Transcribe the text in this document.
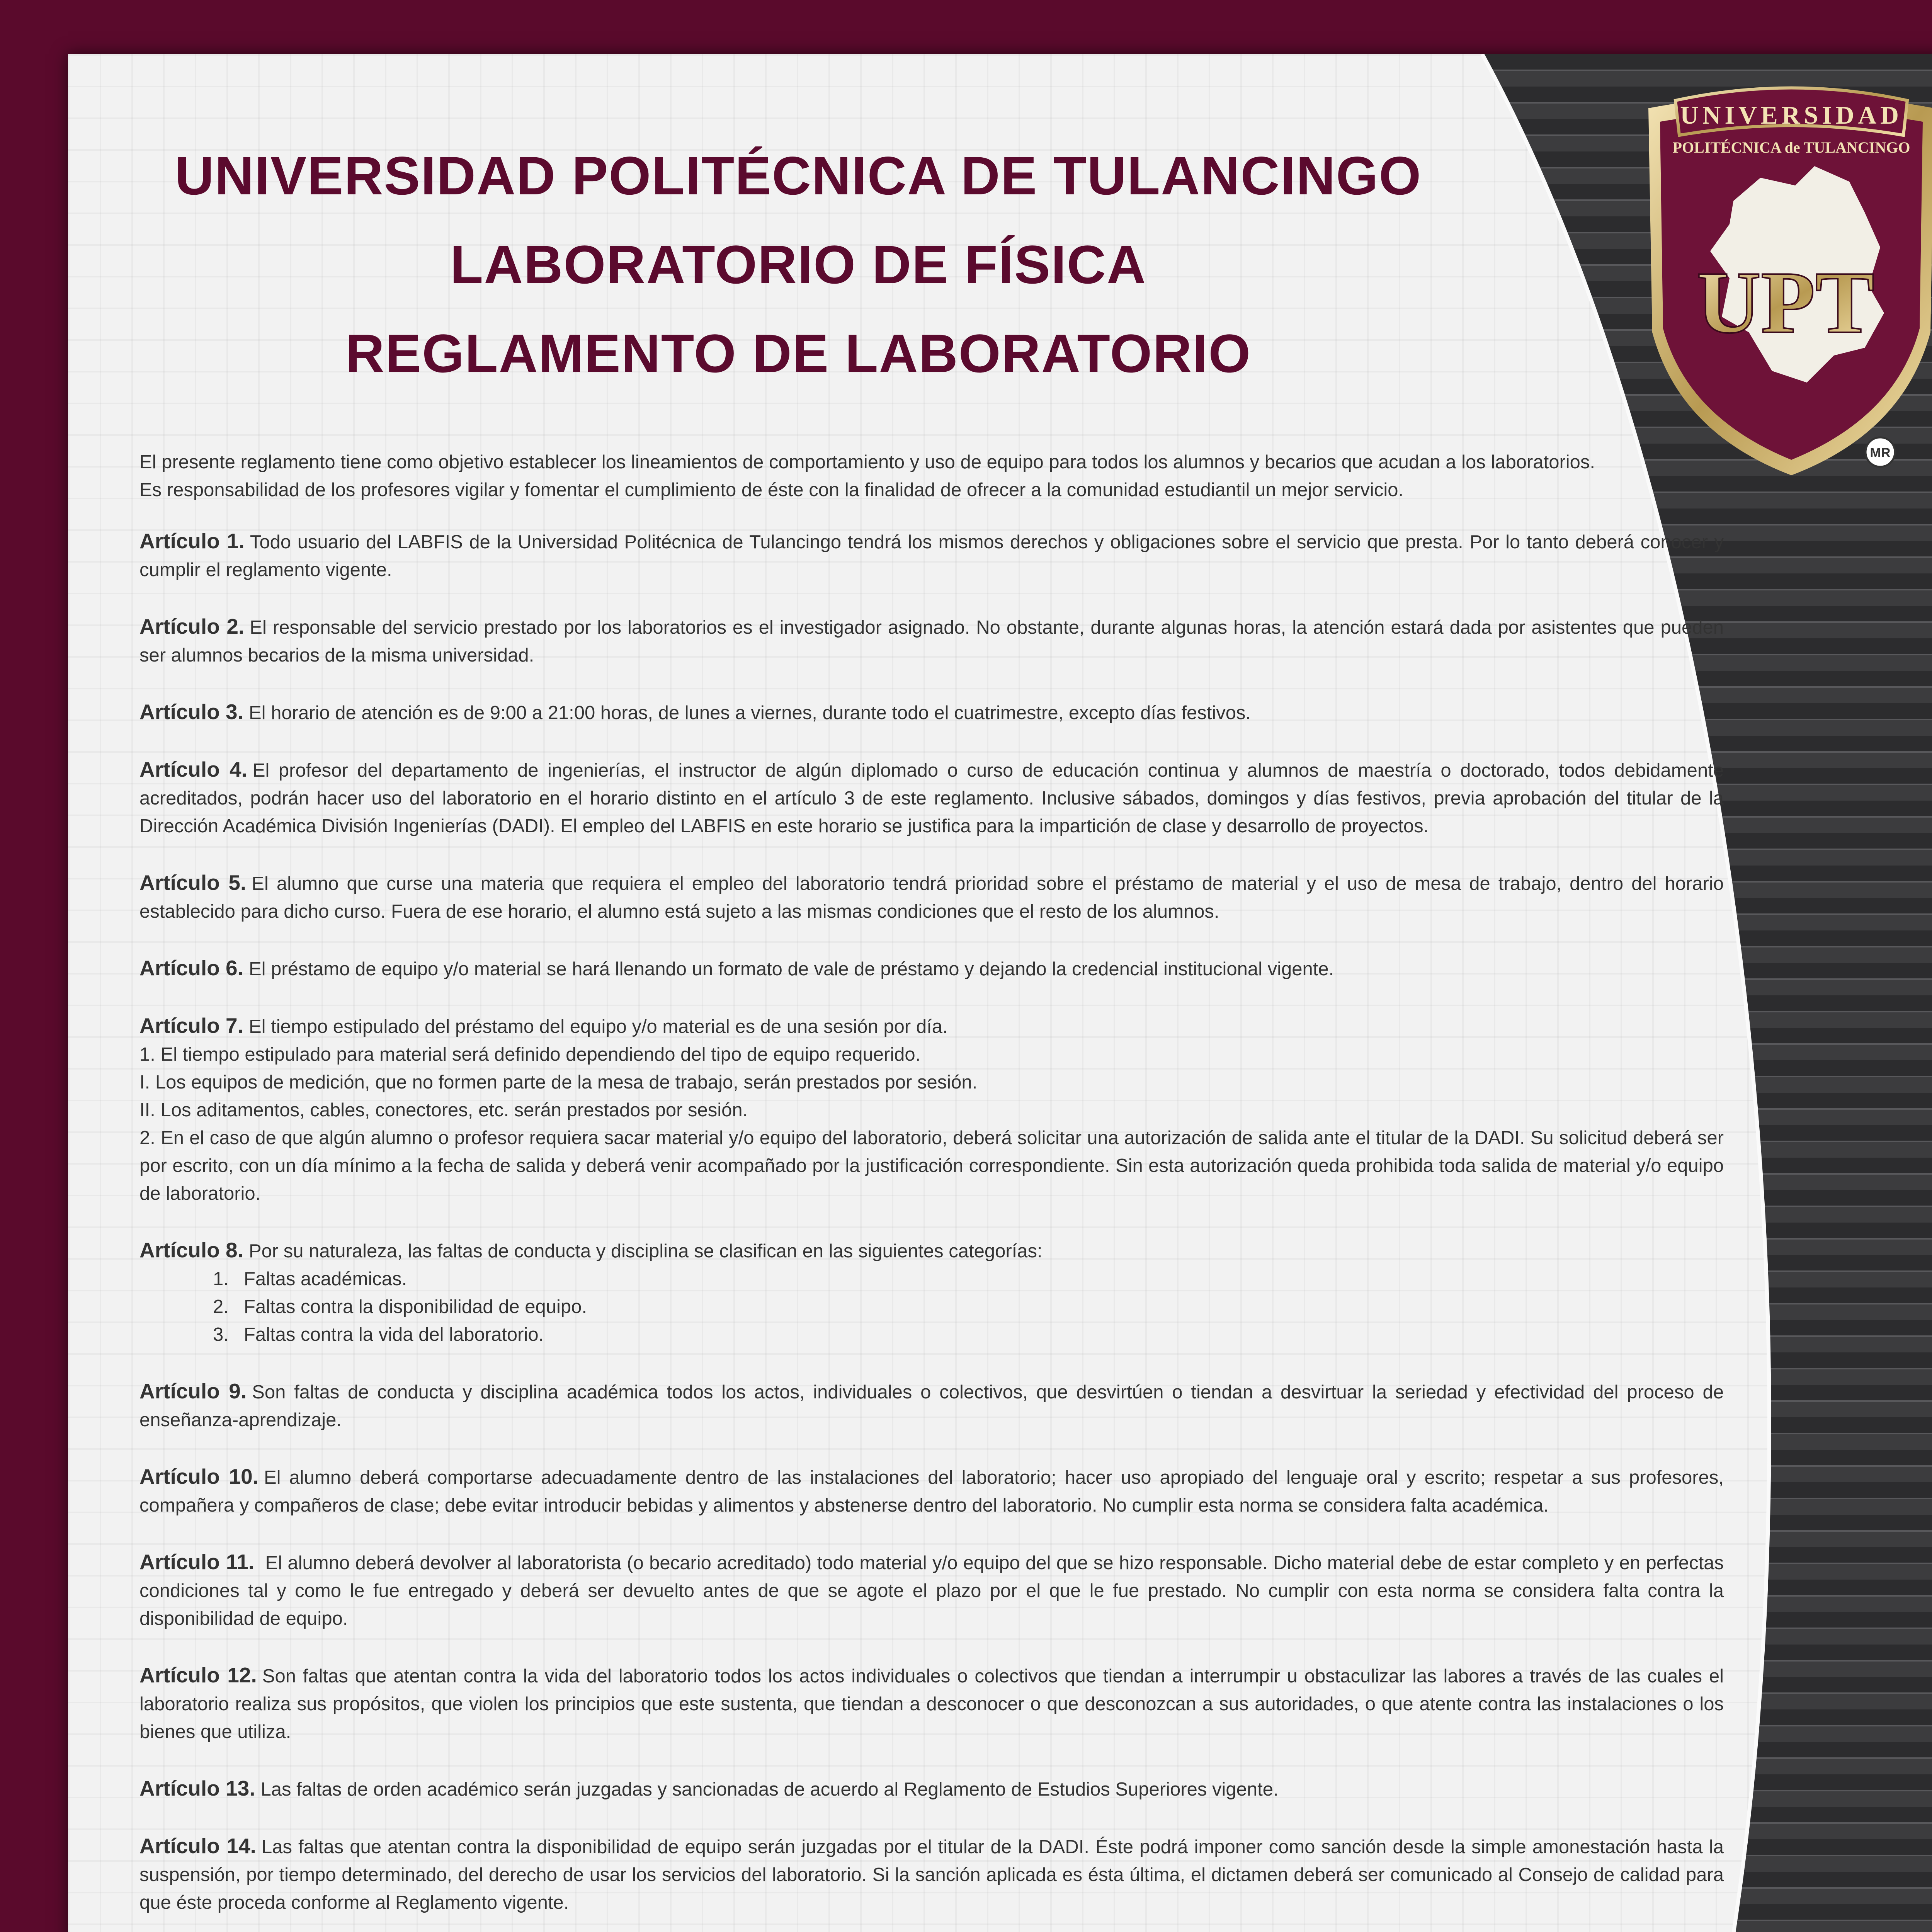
UNIVERSIDAD POLITÉCNICA DE TULANCINGO
LABORATORIO DE FÍSICA
REGLAMENTO DE LABORATORIO
UNIVERSIDAD
POLITÉCNICA de TULANCINGO
UPT
MR

El presente reglamento tiene como objetivo establecer los lineamientos de comportamiento y uso de equipo para todos los alumnos y becarios que acudan a los laboratorios.

Es responsabilidad de los profesores vigilar y fomentar el cumplimiento de éste con la finalidad de ofrecer a la comunidad estudiantil un mejor servicio.

Artículo 1. Todo usuario del LABFIS de la Universidad Politécnica de Tulancingo tendrá los mismos derechos y obligaciones sobre el servicio que presta. Por lo tanto deberá conocer y cumplir el reglamento vigente.

Artículo 2. El responsable del servicio prestado por los laboratorios es el investigador asignado. No obstante, durante algunas horas, la atención estará dada por asistentes que pueden ser alumnos becarios de la misma universidad.

Artículo 3. El horario de atención es de 9:00 a 21:00 horas, de lunes a viernes, durante todo el cuatrimestre, excepto días festivos.

Artículo 4. El profesor del departamento de ingenierías, el instructor de algún diplomado o curso de educación continua y alumnos de maestría o doctorado, todos debidamente acreditados, podrán hacer uso del laboratorio en el horario distinto en el artículo 3 de este reglamento. Inclusive sábados, domingos y días festivos, previa aprobación del titular de la Dirección Académica División Ingenierías (DADI). El empleo del LABFIS en este horario se justifica para la impartición de clase y desarrollo de proyectos.

Artículo 5. El alumno que curse una materia que requiera el empleo del laboratorio tendrá prioridad sobre el préstamo de material y el uso de mesa de trabajo, dentro del horario establecido para dicho curso. Fuera de ese horario, el alumno está sujeto a las mismas condiciones que el resto de los alumnos.

Artículo 6. El préstamo de equipo y/o material se hará llenando un formato de vale de préstamo y dejando la credencial institucional vigente.

Artículo 7. El tiempo estipulado del préstamo del equipo y/o material es de una sesión por día.

1. El tiempo estipulado para material será definido dependiendo del tipo de equipo requerido.

I. Los equipos de medición, que no formen parte de la mesa de trabajo, serán prestados por sesión.

II. Los aditamentos, cables, conectores, etc. serán prestados por sesión.

2. En el caso de que algún alumno o profesor requiera sacar material y/o equipo del laboratorio, deberá solicitar una autorización de salida ante el titular de la DADI. Su solicitud deberá ser por escrito, con un día mínimo a la fecha de salida y deberá venir acompañado por la justificación correspondiente. Sin esta autorización queda prohibida toda salida de material y/o equipo de laboratorio.

Artículo 8. Por su naturaleza, las faltas de conducta y disciplina se clasifican en las siguientes categorías:

1. Faltas académicas.
2. Faltas contra la disponibilidad de equipo.
3. Faltas contra la vida del laboratorio.

Artículo 9. Son faltas de conducta y disciplina académica todos los actos, individuales o colectivos, que desvirtúen o tiendan a desvirtuar la seriedad y efectividad del proceso de enseñanza-aprendizaje.

Artículo 10. El alumno deberá comportarse adecuadamente dentro de las instalaciones del laboratorio; hacer uso apropiado del lenguaje oral y escrito; respetar a sus profesores, compañera y compañeros de clase; debe evitar introducir bebidas y alimentos y abstenerse dentro del laboratorio. No cumplir esta norma se considera falta académica.

Artículo 11. El alumno deberá devolver al laboratorista (o becario acreditado) todo material y/o equipo del que se hizo responsable. Dicho material debe de estar completo y en perfectas condiciones tal y como le fue entregado y deberá ser devuelto antes de que se agote el plazo por el que le fue prestado. No cumplir con esta norma se considera falta contra la disponibilidad de equipo.

Artículo 12. Son faltas que atentan contra la vida del laboratorio todos los actos individuales o colectivos que tiendan a interrumpir u obstaculizar las labores a través de las cuales el laboratorio realiza sus propósitos, que violen los principios que este sustenta, que tiendan a desconocer o que desconozcan a sus autoridades, o que atente contra las instalaciones o los bienes que utiliza.

Artículo 13. Las faltas de orden académico serán juzgadas y sancionadas de acuerdo al Reglamento de Estudios Superiores vigente.

Artículo 14. Las faltas que atentan contra la disponibilidad de equipo serán juzgadas por el titular de la DADI. Éste podrá imponer como sanción desde la simple amonestación hasta la suspensión, por tiempo determinado, del derecho de usar los servicios del laboratorio. Si la sanción aplicada es ésta última, el dictamen deberá ser comunicado al Consejo de calidad para que éste proceda conforme al Reglamento vigente.
